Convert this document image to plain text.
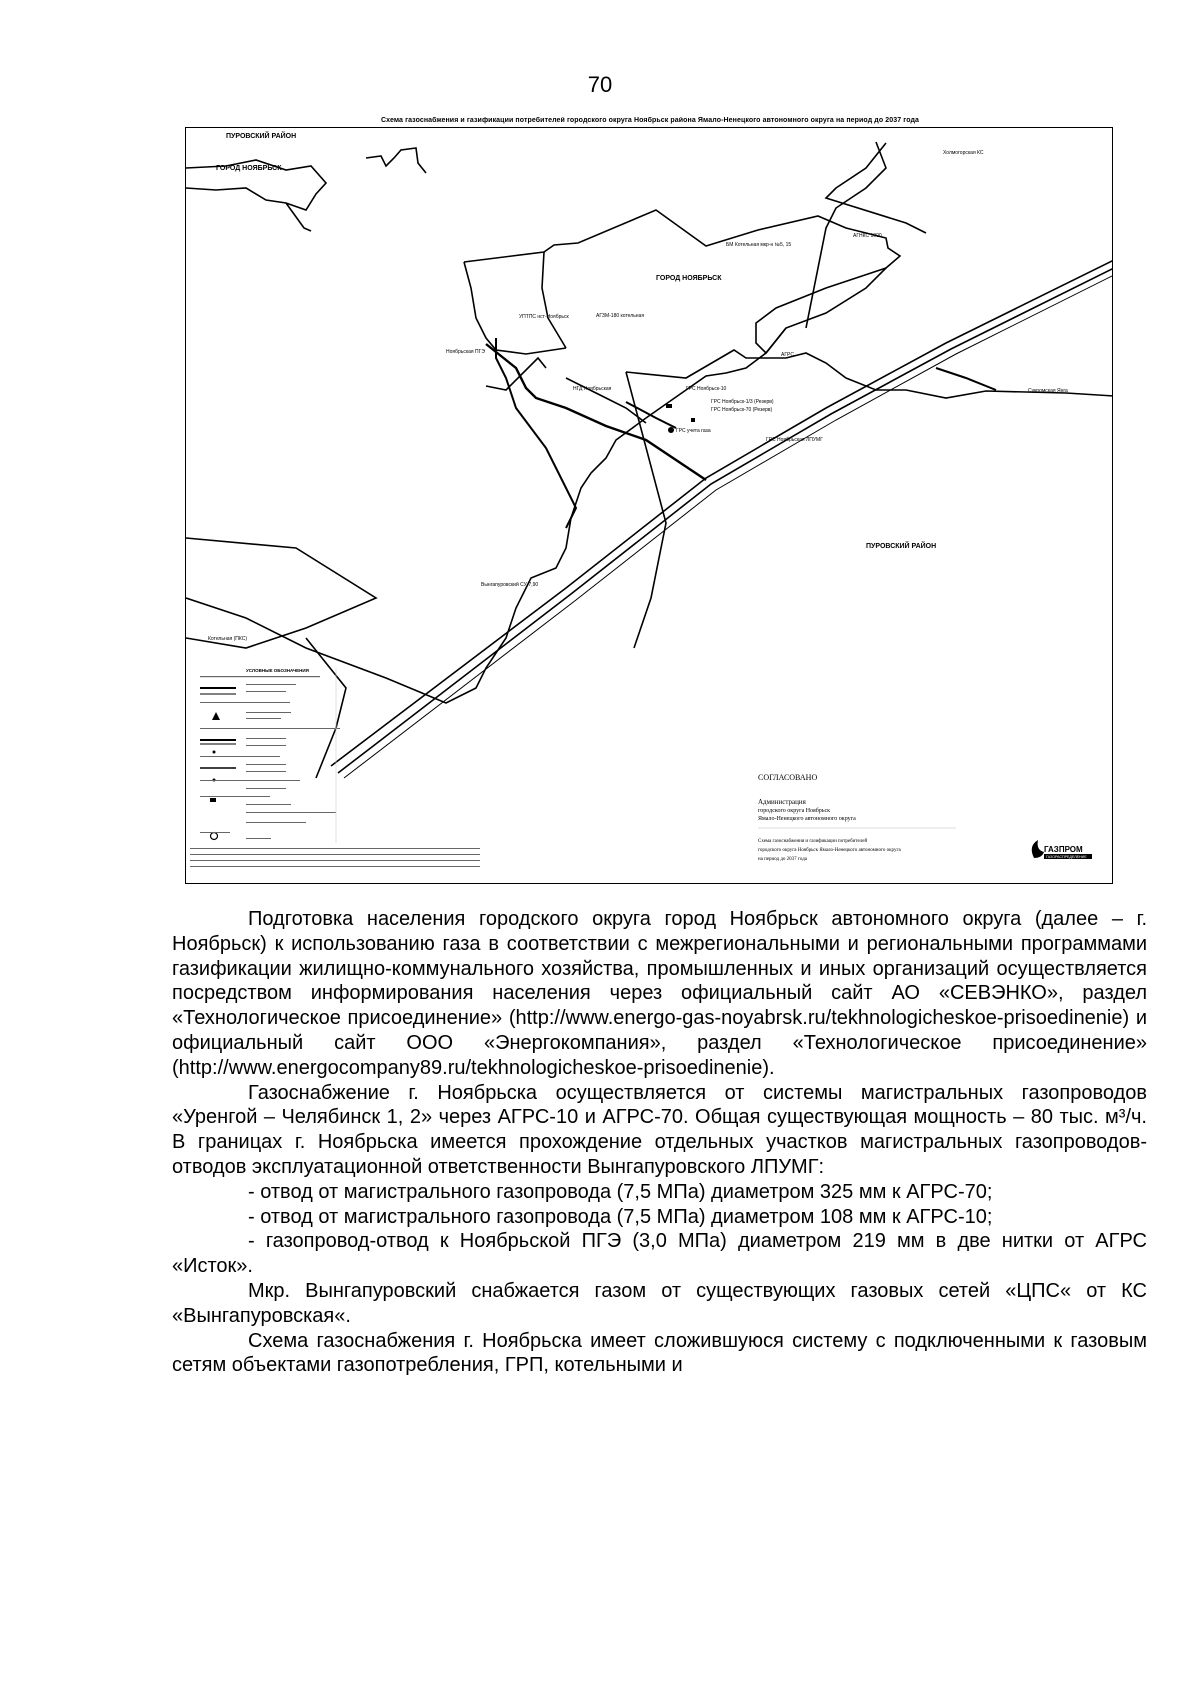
70
Схема газоснабжения и газификации потребителей городского округа Ноябрьск района Ямало-Ненецкого автономного округа на период до 2037 года
ПУРОВСКИЙ РАЙОН
ГОРОД НОЯБРЬСК
ГОРОД НОЯБРЬСК
ПУРОВСКИЙ РАЙОН
Холмогорская КС
АГНКС 1000
БМ Котельная мкр-н №5, 15
УПТПС нст-Ноябрьск	АГЗМ-180 котельная
Ноябрьская ПГЭ
НГД Ноябрьская
АГРС
ГРС Ноябрьск-10
ГРС Ноябрьск-1/3 (Резерв)
ГРС Ноябрьск-70 (Резерв)
ГРС учета газа
ГРС Ноябрьская ЛПУМГ
Сукромская Янга
Вынгапуровский СУ-7,90
Котельная (ПКС)
УСЛОВНЫЕ ОБОЗНАЧЕНИЯ
СОГЛАСОВАНО
Администрация
городского округа Ноябрьск
Ямало-Ненецкого автономного округа
Схема газоснабжения и газификации потребителей
городского округа Ноябрьск Ямало-Ненецкого автономного округа
на период до 2037 года
ГАЗПРОМ
ГАЗОРАСПРЕДЕЛЕНИЕ

Подготовка населения городского округа город Ноябрьск автономного округа (далее – г. Ноябрьск) к использованию газа в соответствии с межрегиональными и региональными программами газификации жилищно-коммунального хозяйства, промышленных и иных организаций осуществляется посредством информирования населения через официальный сайт АО «СЕВЭНКО», раздел «Технологическое присоединение» (http://www.energo-gas-noyabrsk.ru/tekhnologicheskoe-prisoedinenie) и официальный сайт ООО «Энергокомпания», раздел «Технологическое присоединение» (http://www.energocompany89.ru/tekhnologicheskoe-prisoedinenie).

Газоснабжение г. Ноябрьска осуществляется от системы магистральных газопроводов «Уренгой – Челябинск 1, 2» через АГРС-10 и АГРС-70. Общая существующая мощность – 80 тыс. м³/ч. В границах г. Ноябрьска имеется прохождение отдельных участков магистральных газопроводов-отводов эксплуатационной ответственности Вынгапуровского ЛПУМГ:

- отвод от магистрального газопровода (7,5 МПа) диаметром 325 мм к АГРС-70;

- отвод от магистрального газопровода (7,5 МПа) диаметром 108 мм к АГРС-10;

- газопровод-отвод к Ноябрьской ПГЭ (3,0 МПа) диаметром 219 мм в две нитки от АГРС «Исток».

Мкр. Вынгапуровский снабжается газом от существующих газовых сетей «ЦПС« от КС «Вынгапуровская«.

Схема газоснабжения г. Ноябрьска имеет сложившуюся систему с подключенными к газовым сетям объектами газопотребления, ГРП, котельными и
